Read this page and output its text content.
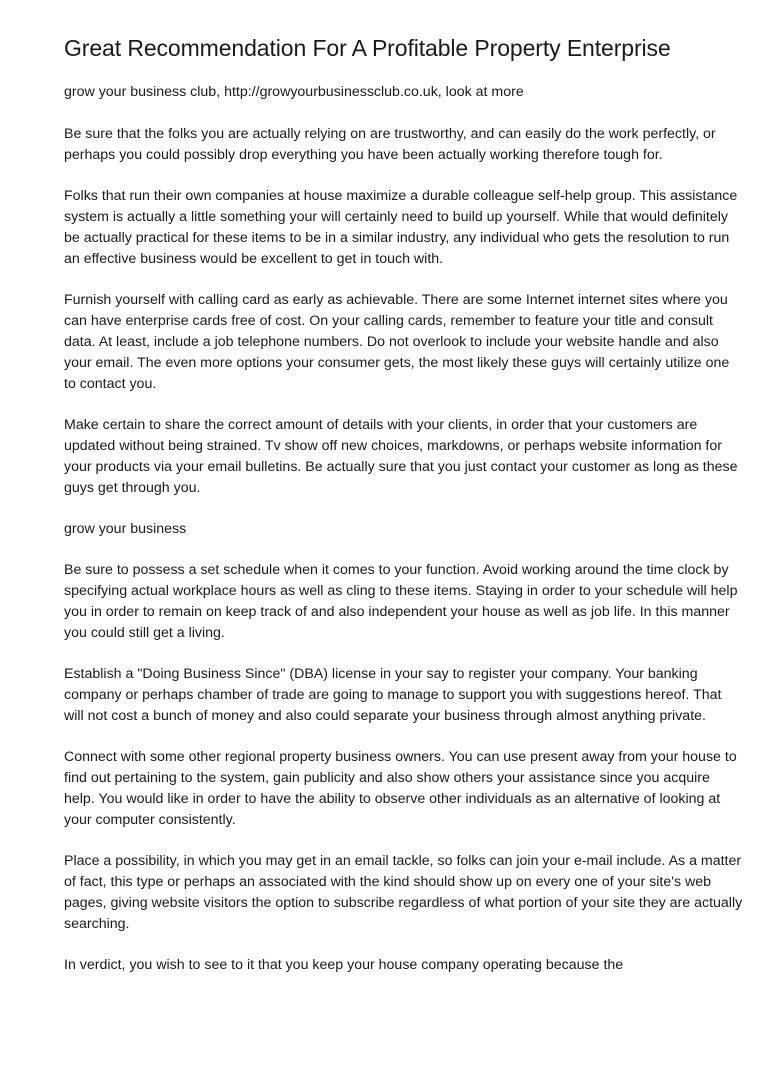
Great Recommendation For A Profitable Property Enterprise

grow your business club, http://growyourbusinessclub.co.uk, look at more

Be sure that the folks you are actually relying on are trustworthy, and can easily do the work perfectly, or perhaps you could possibly drop everything you have been actually working therefore tough for.

Folks that run their own companies at house maximize a durable colleague self-help group. This assistance system is actually a little something your will certainly need to build up yourself. While that would definitely be actually practical for these items to be in a similar industry, any individual who gets the resolution to run an effective business would be excellent to get in touch with.

Furnish yourself with calling card as early as achievable. There are some Internet internet sites where you can have enterprise cards free of cost. On your calling cards, remember to feature your title and consult data. At least, include a job telephone numbers. Do not overlook to include your website handle and also your email. The even more options your consumer gets, the most likely these guys will certainly utilize one to contact you.

Make certain to share the correct amount of details with your clients, in order that your customers are updated without being strained. Tv show off new choices, markdowns, or perhaps website information for your products via your email bulletins. Be actually sure that you just contact your customer as long as these guys get through you.

grow your business

Be sure to possess a set schedule when it comes to your function. Avoid working around the time clock by specifying actual workplace hours as well as cling to these items. Staying in order to your schedule will help you in order to remain on keep track of and also independent your house as well as job life. In this manner you could still get a living.

Establish a "Doing Business Since" (DBA) license in your say to register your company. Your banking company or perhaps chamber of trade are going to manage to support you with suggestions hereof. That will not cost a bunch of money and also could separate your business through almost anything private.

Connect with some other regional property business owners. You can use present away from your house to find out pertaining to the system, gain publicity and also show others your assistance since you acquire help. You would like in order to have the ability to observe other individuals as an alternative of looking at your computer consistently.

Place a possibility, in which you may get in an email tackle, so folks can join your e-mail include. As a matter of fact, this type or perhaps an associated with the kind should show up on every one of your site's web pages, giving website visitors the option to subscribe regardless of what portion of your site they are actually searching.

In verdict, you wish to see to it that you keep your house company operating because the
